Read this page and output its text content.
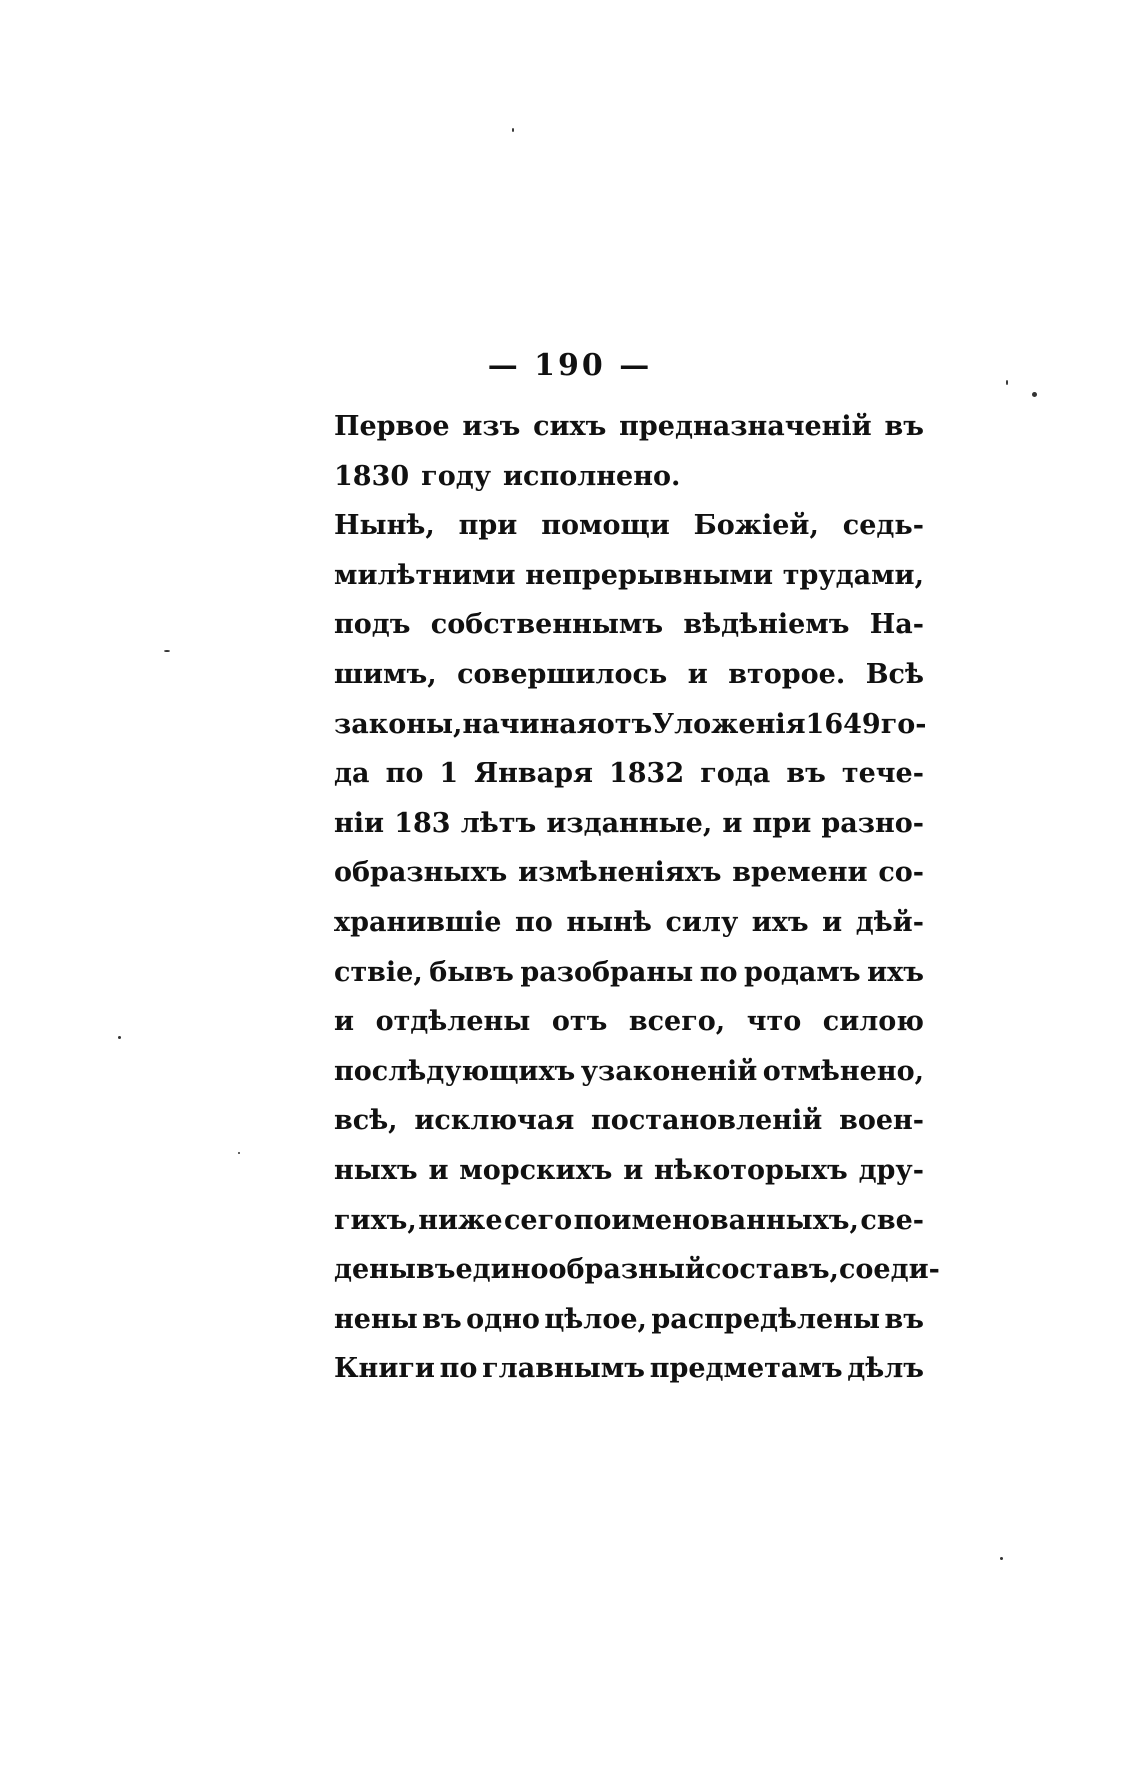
— 190 —
Первое изъ сихъ предназначеній въ
1830 году исполнено.
Нынѣ, при помощи Божіей, седь-
милѣтними непрерывными трудами,
подъ собственнымъ вѣдѣніемъ На-
шимъ, совершилось и второе. Всѣ
законы, начиная отъ Уложенія 1649 го-
да по 1 Января 1832 года въ тече-
ніи 183 лѣтъ изданные, и при разно-
образныхъ измѣненіяхъ времени со-
хранившіе по нынѣ силу ихъ и дѣй-
ствіе, бывъ разобраны по родамъ ихъ
и отдѣлены отъ всего, что силою
послѣдующихъ узаконеній отмѣнено,
всѣ, исключая постановленій воен-
ныхъ и морскихъ и нѣкоторыхъ дру-
гихъ, ниже сего поименованныхъ, све-
дены въ единообразный составъ, соеди-
нены въ одно цѣлое, распредѣлены въ
Книги по главнымъ предметамъ дѣлъ
